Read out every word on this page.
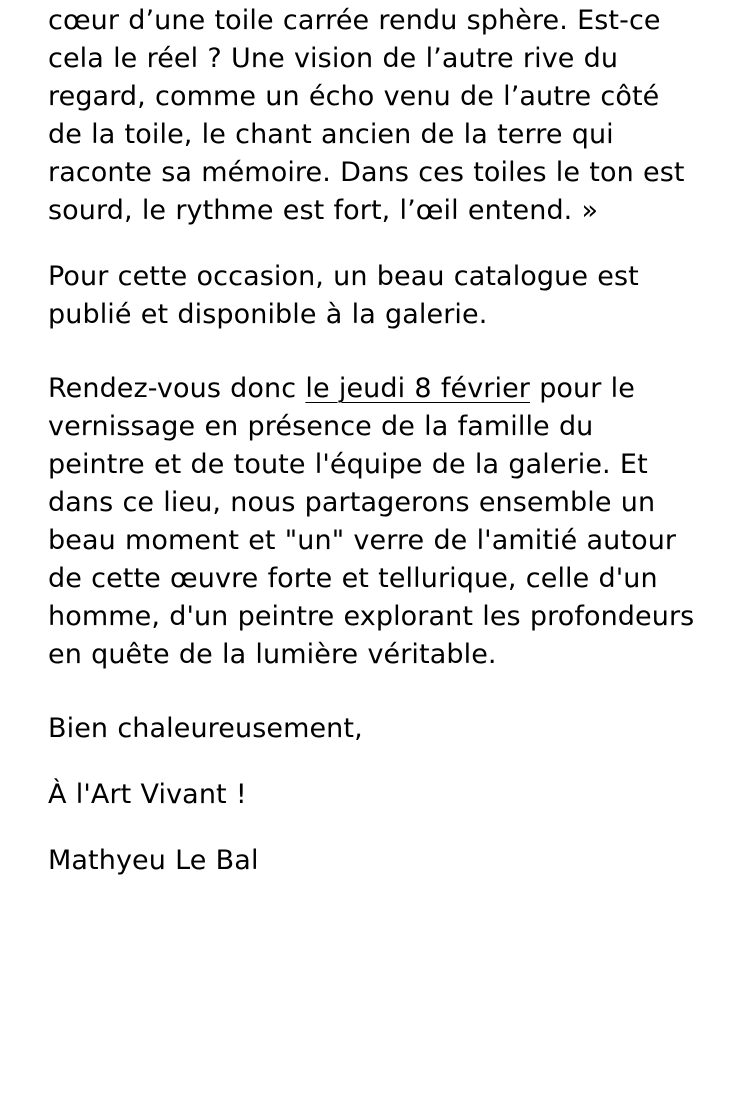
cœur d’une toile carrée rendu sphère. Est-ce cela le réel ? Une vision de l’autre rive du regard, comme un écho venu de l’autre côté de la toile, le chant ancien de la terre qui raconte sa mémoire. Dans ces toiles le ton est sourd, le rythme est fort, l’œil entend. »

Pour cette occasion, un beau catalogue est publié et disponible à la galerie.

Rendez-vous donc le jeudi 8 février pour le vernissage en présence de la famille du peintre et de toute l'équipe de la galerie. Et dans ce lieu, nous partagerons ensemble un beau moment et "un" verre de l'amitié autour de cette œuvre forte et tellurique, celle d'un homme, d'un peintre explorant les profondeurs en quête de la lumière véritable.

Bien chaleureusement,

À l'Art Vivant !

Mathyeu Le Bal
